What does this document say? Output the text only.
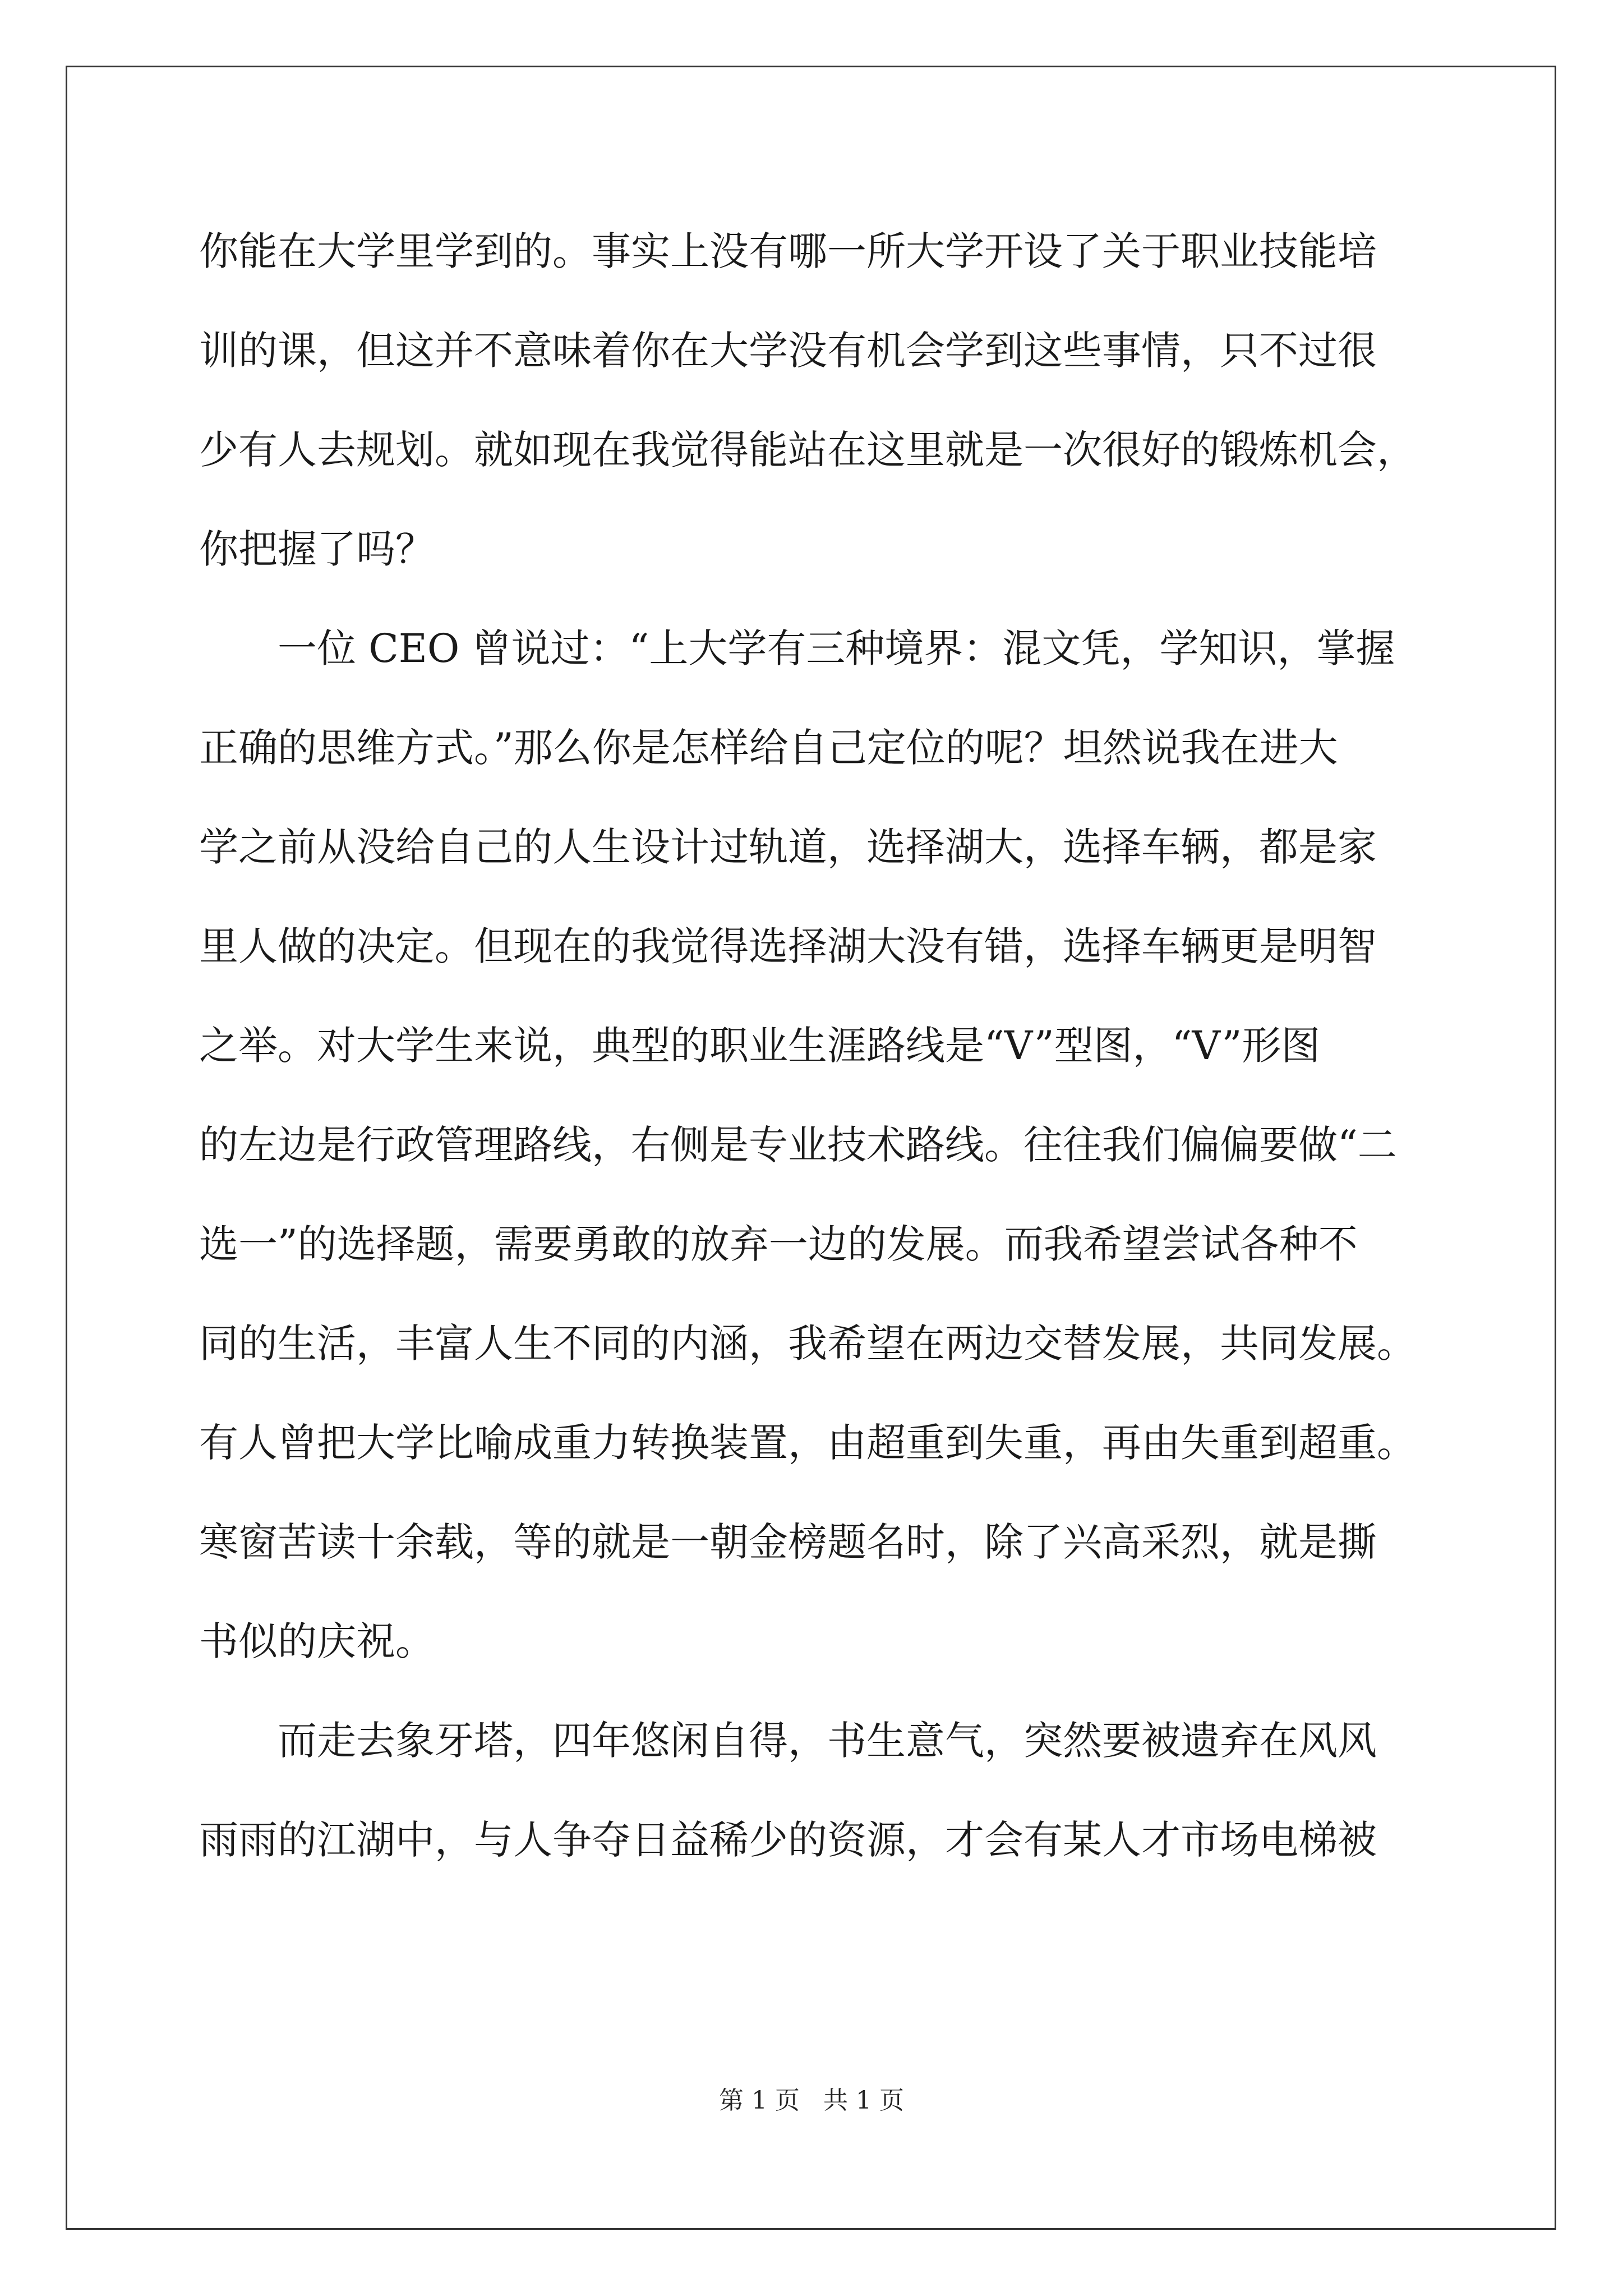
你能在大学里学到的。事实上没有哪一所大学开设了关于职业技能培
训的课，但这并不意味着你在大学没有机会学到这些事情，只不过很
少有人去规划。就如现在我觉得能站在这里就是一次很好的锻炼机会，
你把握了吗？
一位 CEO 曾说过：“上大学有三种境界：混文凭，学知识，掌握
正确的思维方式。”那么你是怎样给自己定位的呢？坦然说我在进大
学之前从没给自己的人生设计过轨道，选择湖大，选择车辆，都是家
里人做的决定。但现在的我觉得选择湖大没有错，选择车辆更是明智
之举。对大学生来说，典型的职业生涯路线是“V”型图，“V”形图
的左边是行政管理路线，右侧是专业技术路线。往往我们偏偏要做“二
选一”的选择题，需要勇敢的放弃一边的发展。而我希望尝试各种不
同的生活，丰富人生不同的内涵，我希望在两边交替发展，共同发展。
有人曾把大学比喻成重力转换装置，由超重到失重，再由失重到超重。
寒窗苦读十余载，等的就是一朝金榜题名时，除了兴高采烈，就是撕
书似的庆祝。
而走去象牙塔，四年悠闲自得，书生意气，突然要被遗弃在风风
雨雨的江湖中，与人争夺日益稀少的资源，才会有某人才市场电梯被
第 1 页   共 1 页
